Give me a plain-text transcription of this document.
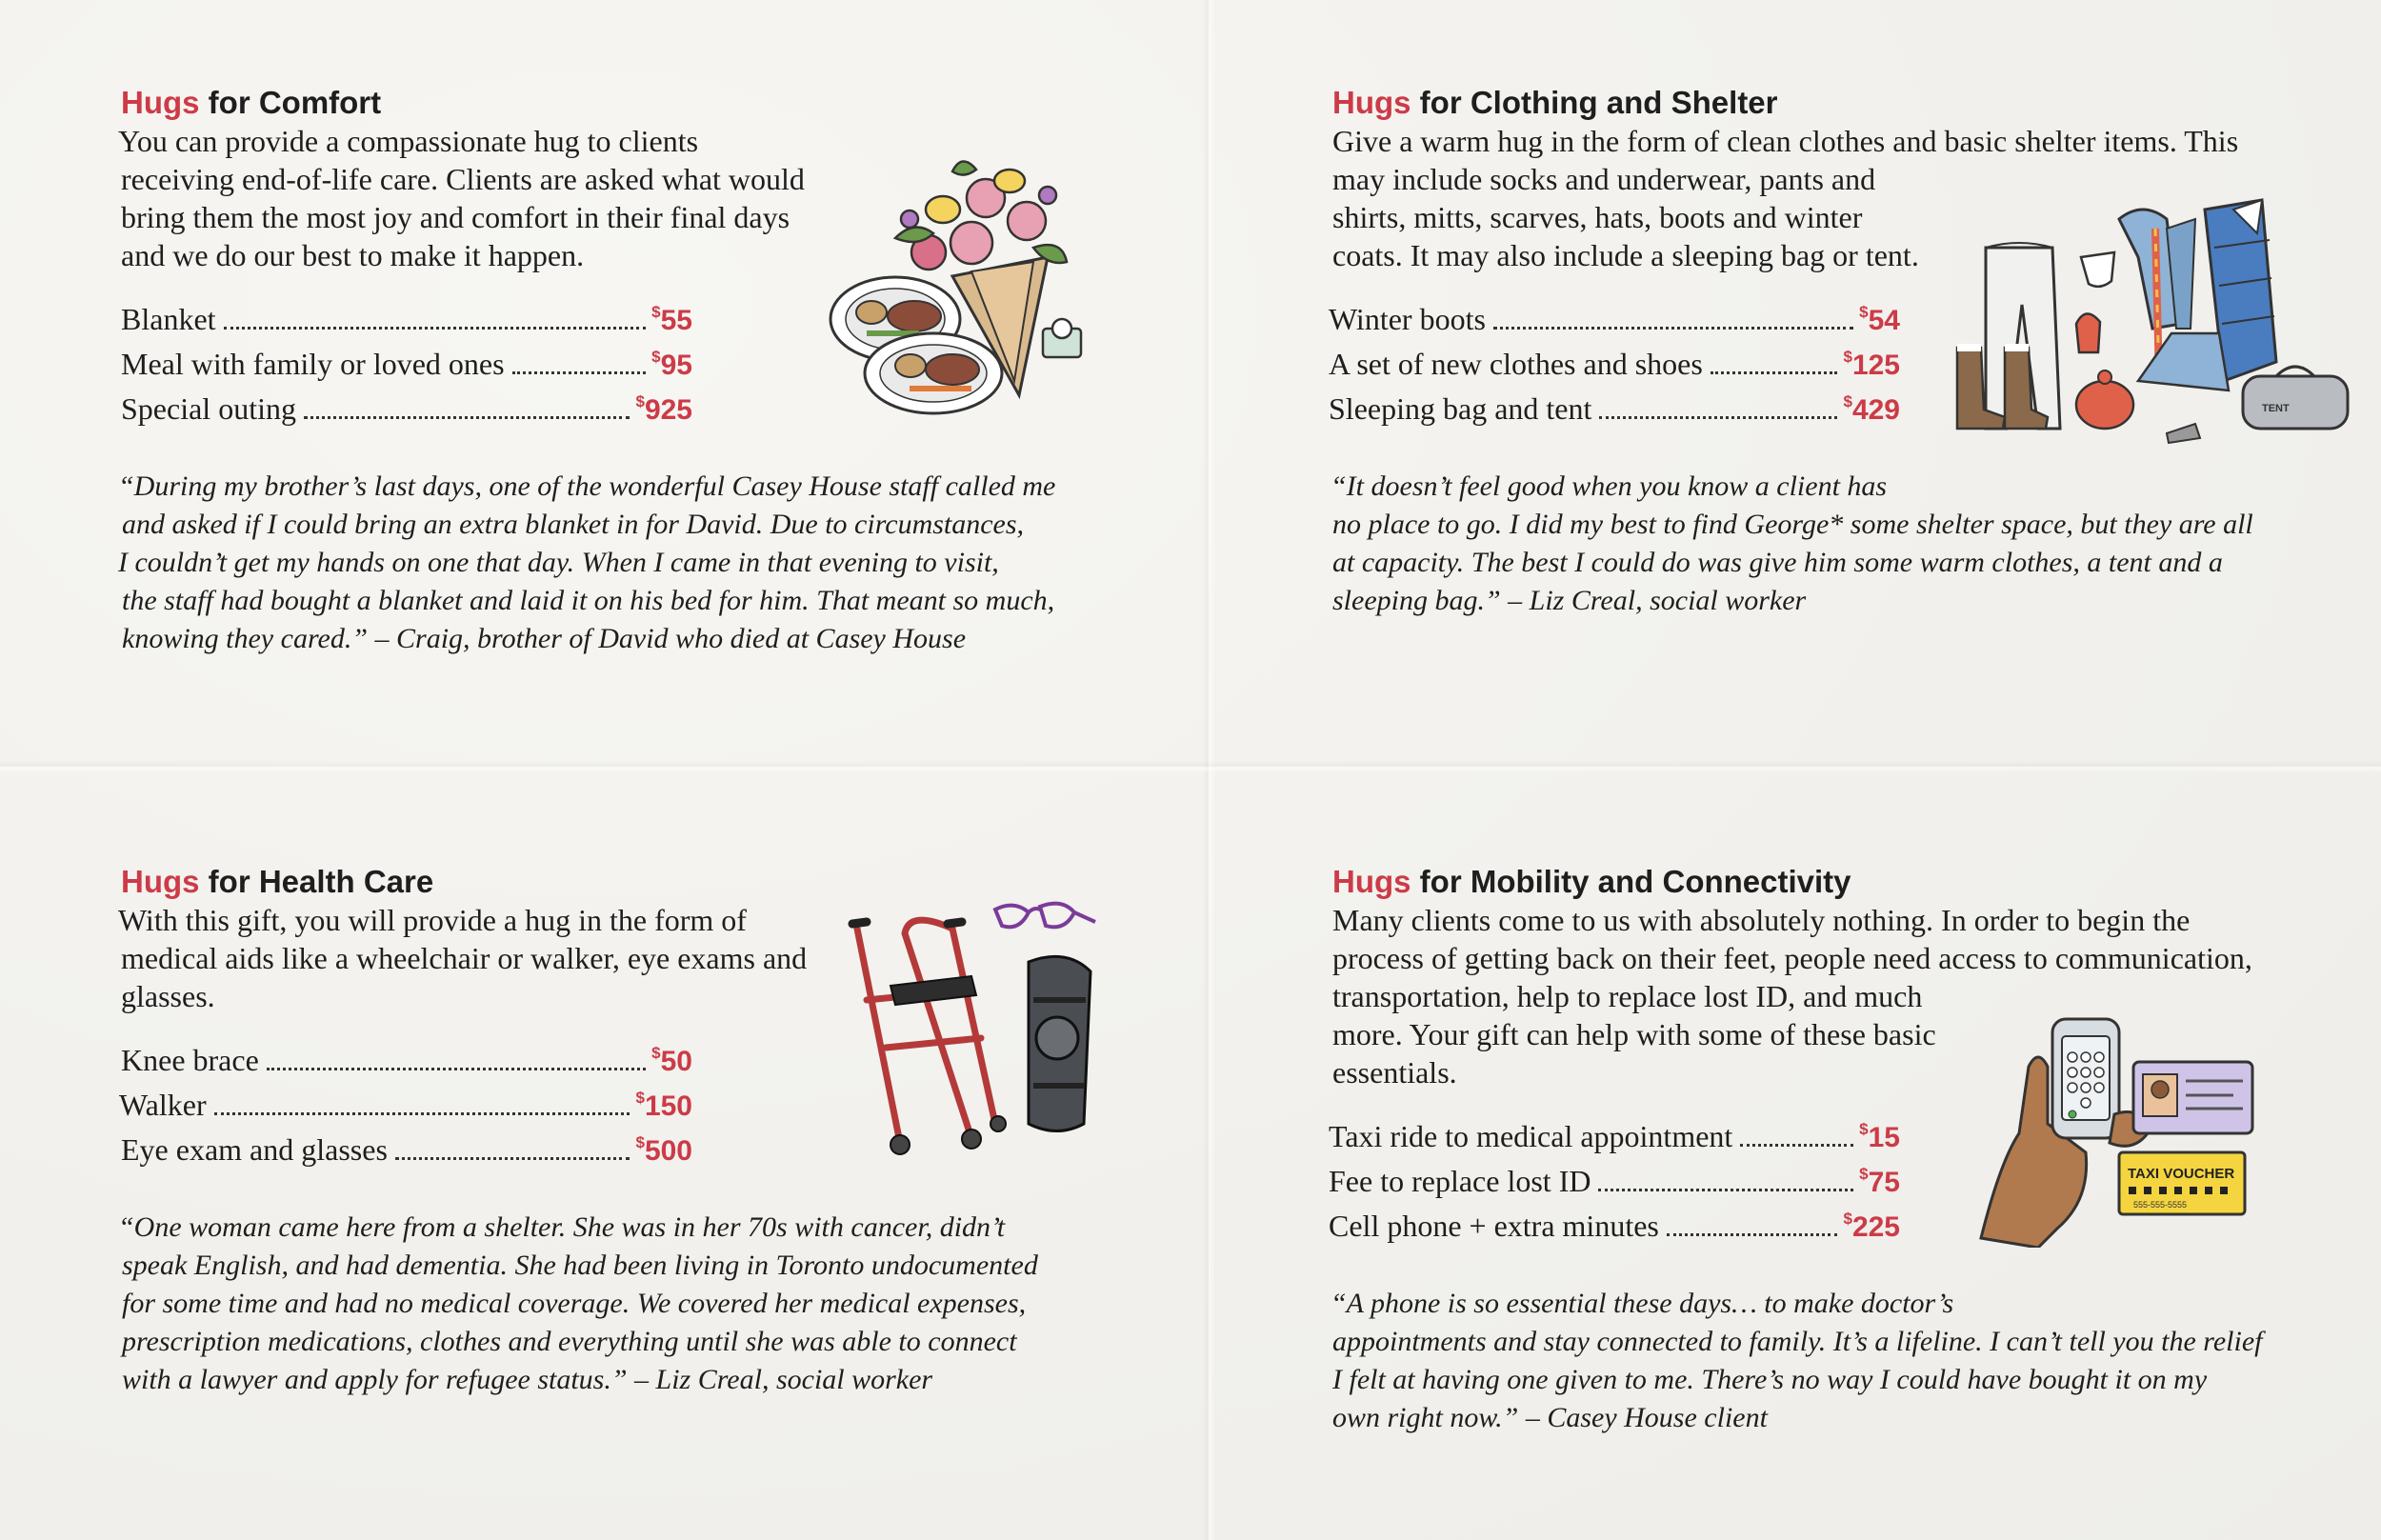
Hugs for Comfort

You can provide a compassionate hug to clients
receiving end-of-life care. Clients are asked what would
bring them the most joy and comfort in their final days
and we do our best to make it happen.

Blanket	$55
Meal with family or loved ones	$95
Special outing	$925

“During my brother’s last days, one of the wonderful Casey House staff called me
and asked if I could bring an extra blanket in for David. Due to circumstances,
I couldn’t get my hands on one that day. When I came in that evening to visit,
the staff had bought a blanket and laid it on his bed for him. That meant so much,
knowing they cared.” – Craig, brother of David who died at Casey House

Hugs for Clothing and Shelter

Give a warm hug in the form of clean clothes and basic shelter items. This
may include socks and underwear, pants and
shirts, mitts, scarves, hats, boots and winter
coats. It may also include a sleeping bag or tent.

Winter boots	$54
A set of new clothes and shoes	$125
Sleeping bag and tent	$429

“It doesn’t feel good when you know a client has
no place to go. I did my best to find George* some shelter space, but they are all
at capacity. The best I could do was give him some warm clothes, a tent and a
sleeping bag.” – Liz Creal, social worker

TENT
Hugs for Health Care

With this gift, you will provide a hug in the form of
medical aids like a wheelchair or walker, eye exams and
glasses.

Knee brace	$50
Walker	$150
Eye exam and glasses	$500

“One woman came here from a shelter. She was in her 70s with cancer, didn’t
speak English, and had dementia. She had been living in Toronto undocumented
for some time and had no medical coverage. We covered her medical expenses,
prescription medications, clothes and everything until she was able to connect
with a lawyer and apply for refugee status.” – Liz Creal, social worker

Hugs for Mobility and Connectivity

Many clients come to us with absolutely nothing. In order to begin the
process of getting back on their feet, people need access to communication,
transportation, help to replace lost ID, and much
more. Your gift can help with some of these basic
essentials.

Taxi ride to medical appointment	$15
Fee to replace lost ID	$75
Cell phone + extra minutes	$225

“A phone is so essential these days… to make doctor’s
appointments and stay connected to family. It’s a lifeline. I can’t tell you the relief
I felt at having one given to me. There’s no way I could have bought it on my
own right now.” – Casey House client

TAXI VOUCHER
555-555-5555
